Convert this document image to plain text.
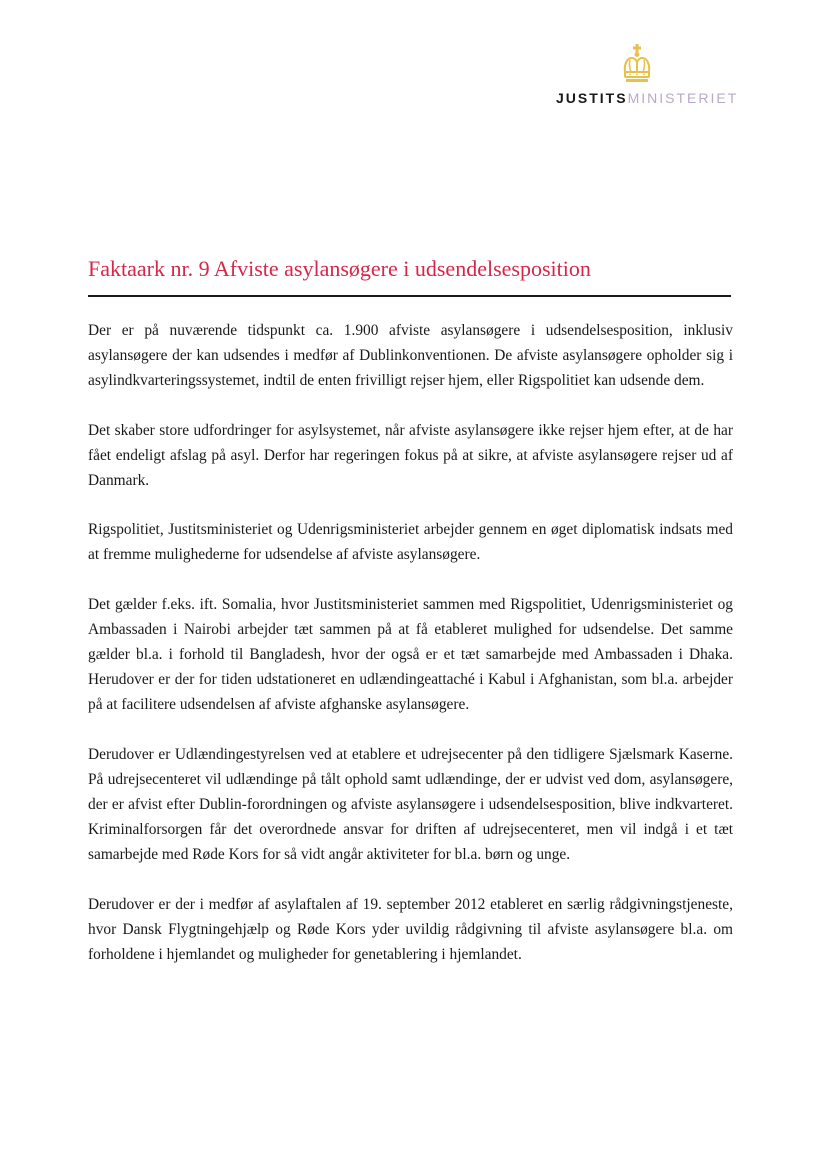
JUSTITSMINISTERIET
Faktaark nr. 9 Afviste asylansøgere i udsendelsesposition

Der er på nuværende tidspunkt ca. 1.900 afviste asylansøgere i udsendelsesposition, inklusiv asylansøgere der kan udsendes i medfør af Dublinkonventionen. De afviste asylansøgere opholder sig i asylindkvarteringssystemet, indtil de enten frivilligt rejser hjem, eller Rigspolitiet kan udsende dem.

Det skaber store udfordringer for asylsystemet, når afviste asylansøgere ikke rejser hjem efter, at de har fået endeligt afslag på asyl. Derfor har regeringen fokus på at sikre, at afviste asylansøgere rejser ud af Danmark.

Rigspolitiet, Justitsministeriet og Udenrigsministeriet arbejder gennem en øget diplomatisk indsats med at fremme mulighederne for udsendelse af afviste asylansøgere.

Det gælder f.eks. ift. Somalia, hvor Justitsministeriet sammen med Rigspolitiet, Udenrigsministeriet og Ambassaden i Nairobi arbejder tæt sammen på at få etableret mulighed for udsendelse. Det samme gælder bl.a. i forhold til Bangladesh, hvor der også er et tæt samarbejde med Ambassaden i Dhaka. Herudover er der for tiden udstationeret en udlændingeattaché i Kabul i Afghanistan, som bl.a. arbejder på at facilitere udsendelsen af afviste afghanske asylansøgere.

Derudover er Udlændingestyrelsen ved at etablere et udrejsecenter på den tidligere Sjælsmark Kaserne. På udrejsecenteret vil udlændinge på tålt ophold samt udlændinge, der er udvist ved dom, asylansøgere, der er afvist efter Dublin-forordningen og afviste asylansøgere i udsendelsesposition, blive indkvarteret. Kriminalforsorgen får det overordnede ansvar for driften af udrejsecenteret, men vil indgå i et tæt samarbejde med Røde Kors for så vidt angår aktiviteter for bl.a. børn og unge.

Derudover er der i medfør af asylaftalen af 19. september 2012 etableret en særlig rådgivningstjeneste, hvor Dansk Flygtningehjælp og Røde Kors yder uvildig rådgivning til afviste asylansøgere bl.a. om forholdene i hjemlandet og muligheder for genetablering i hjemlandet.
